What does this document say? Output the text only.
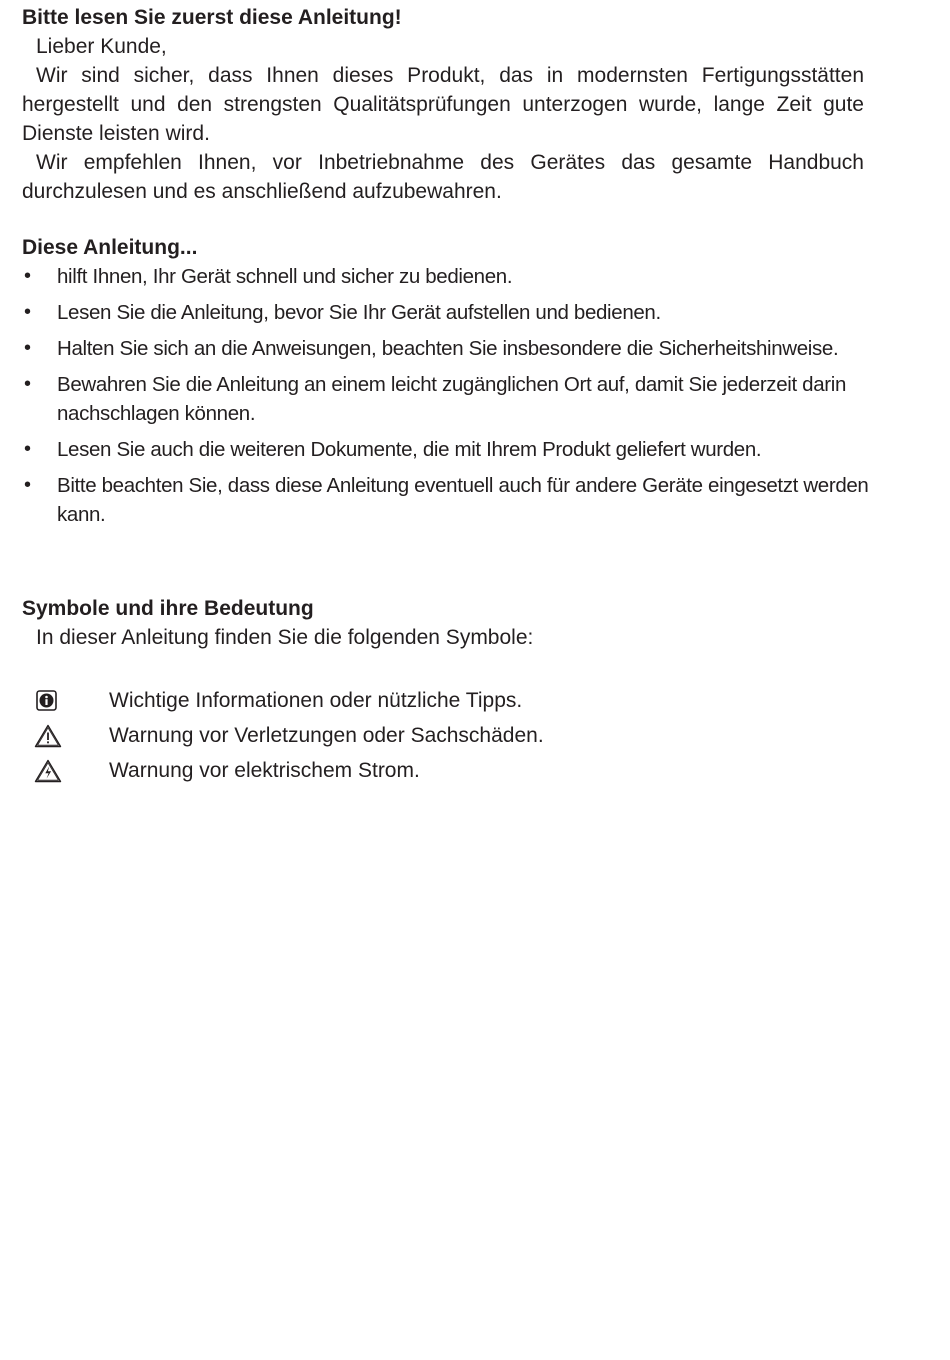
Bitte lesen Sie zuerst diese Anleitung!

Lieber Kunde,

Wir sind sicher, dass Ihnen dieses Produkt, das in modernsten Fertigungsstätten hergestellt und den strengsten Qualitätsprüfungen unterzogen wurde, lange Zeit gute Dienste leisten wird.

Wir empfehlen Ihnen, vor Inbetriebnahme des Gerätes das gesamte Handbuch durchzulesen und es anschließend aufzubewahren.

Diese Anleitung...
• hilft Ihnen, Ihr Gerät schnell und sicher zu bedienen.
• Lesen Sie die Anleitung, bevor Sie Ihr Gerät aufstellen und bedienen.
• Halten Sie sich an die Anweisungen, beachten Sie insbesondere die Sicherheitshinweise.
• Bewahren Sie die Anleitung an einem leicht zugänglichen Ort auf, damit Sie jederzeit darin nachschlagen können.
• Lesen Sie auch die weiteren Dokumente, die mit Ihrem Produkt geliefert wurden.
• Bitte beachten Sie, dass diese Anleitung eventuell auch für andere Geräte eingesetzt werden kann.
Symbole und ihre Bedeutung
In dieser Anleitung finden Sie die folgenden Symbole:
Wichtige Informationen oder nützliche Tipps.
Warnung vor Verletzungen oder Sachschäden.
Warnung vor elektrischem Strom.
